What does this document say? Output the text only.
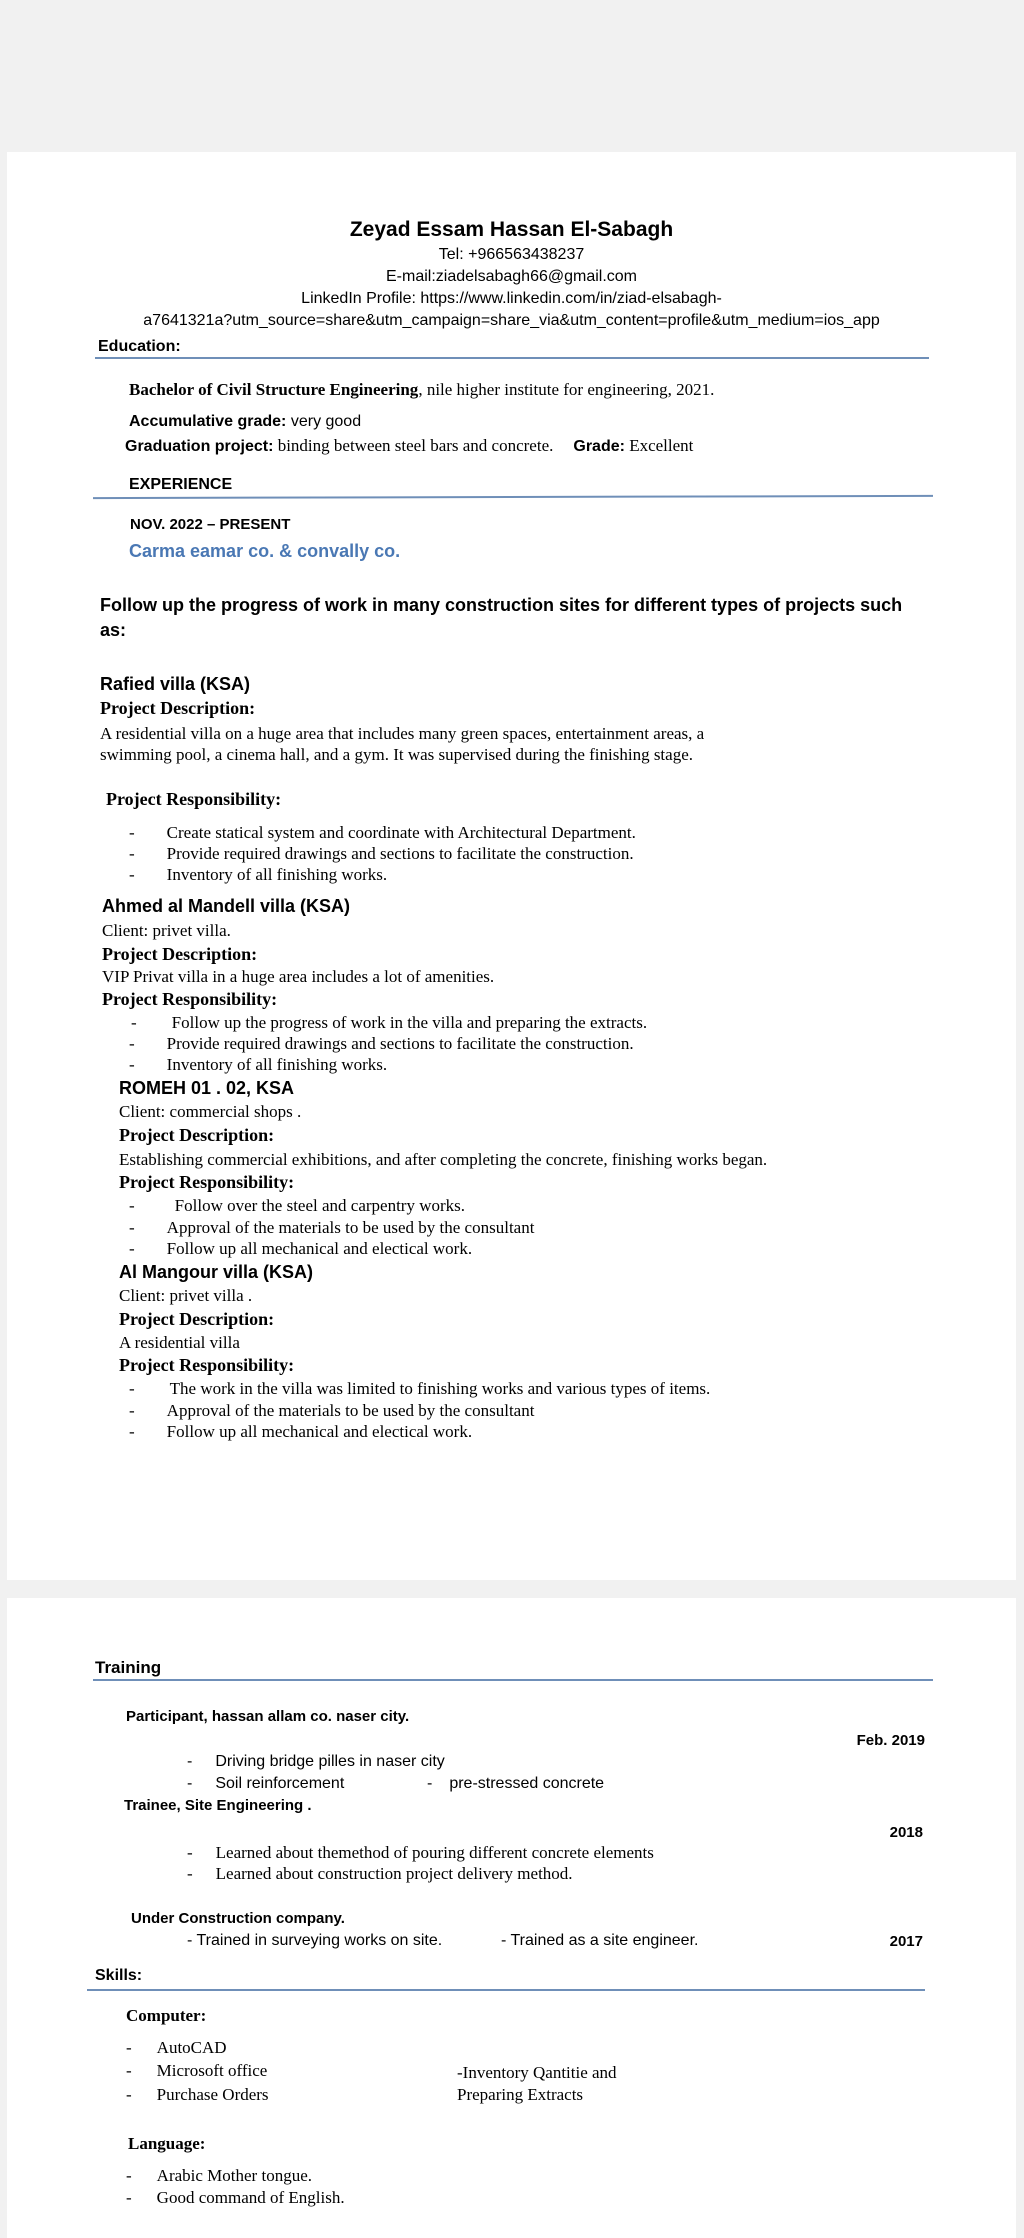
Zeyad Essam Hassan El-Sabagh
Tel: +966563438237
E-mail:ziadelsabagh66@gmail.com
LinkedIn Profile: https://www.linkedin.com/in/ziad-elsabagh-
a7641321a?utm_source=share&utm_campaign=share_via&utm_content=profile&utm_medium=ios_app
Education:
Bachelor of Civil Structure Engineering, nile higher institute for engineering, 2021.
Accumulative grade: very good
Graduation project: binding between steel bars and concrete. Grade: Excellent
EXPERIENCE
NOV. 2022 – PRESENT
Carma eamar co. & convally co.
Follow up the progress of work in many construction sites for different types of projects such
as:
Rafied villa (KSA)
Project Description:
A residential villa on a huge area that includes many green spaces, entertainment areas, a
swimming pool, a cinema hall, and a gym. It was supervised during the finishing stage.
Project Responsibility:
- Create statical system and coordinate with Architectural Department.
- Provide required drawings and sections to facilitate the construction.
- Inventory of all finishing works.
Ahmed al Mandell villa (KSA)
Client: privet villa.
Project Description:
VIP Privat villa in a huge area includes a lot of amenities.
Project Responsibility:
- Follow up the progress of work in the villa and preparing the extracts.
- Provide required drawings and sections to facilitate the construction.
- Inventory of all finishing works.
ROMEH 01 . 02, KSA
Client: commercial shops .
Project Description:
Establishing commercial exhibitions, and after completing the concrete, finishing works began.
Project Responsibility:
- Follow over the steel and carpentry works.
- Approval of the materials to be used by the consultant
- Follow up all mechanical and electical work.
Al Mangour villa (KSA)
Client: privet villa .
Project Description:
A residential villa
Project Responsibility:
- The work in the villa was limited to finishing works and various types of items.
- Approval of the materials to be used by the consultant
- Follow up all mechanical and electical work.
Training
Participant, hassan allam co. naser city.
Feb. 2019
- Driving bridge pilles in naser city
- Soil reinforcement	- pre-stressed concrete
Trainee, Site Engineering .
2018
- Learned about themethod of pouring different concrete elements
- Learned about construction project delivery method.
Under Construction company.
- Trained in surveying works on site.	- Trained as a site engineer.	2017
Skills:
Computer:
- AutoCAD
- Microsoft office
- Purchase Orders
-Inventory Qantitie and
Preparing Extracts
Language:
- Arabic Mother tongue.
- Good command of English.
